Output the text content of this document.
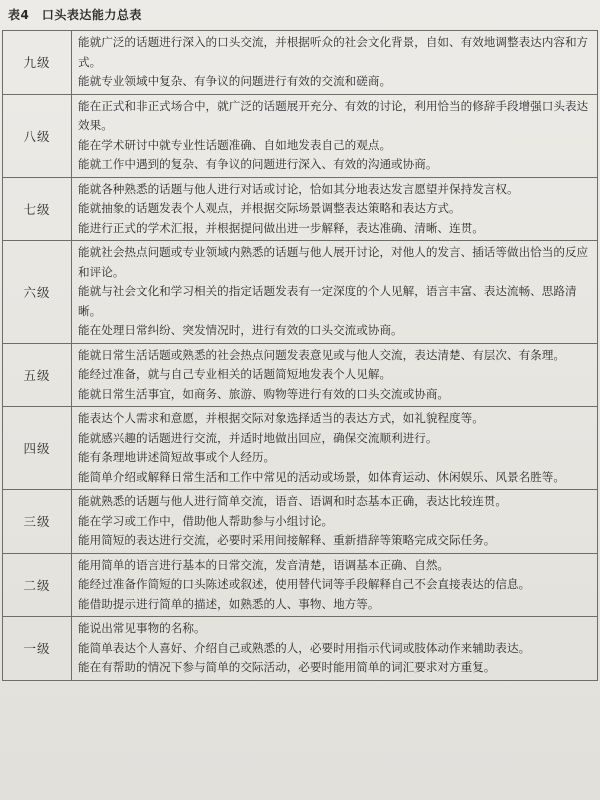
表4　口头表达能力总表
九级	能就广泛的话题进行深入的口头交流，并根据听众的社会文化背景，自如、有效地调整表达内容和方式。

能就专业领域中复杂、有争议的问题进行有效的交流和磋商。

八级	能在正式和非正式场合中，就广泛的话题展开充分、有效的讨论，利用恰当的修辞手段增强口头表达效果。

能在学术研讨中就专业性话题准确、自如地发表自己的观点。

能就工作中遇到的复杂、有争议的问题进行深入、有效的沟通或协商。

七级	能就各种熟悉的话题与他人进行对话或讨论，恰如其分地表达发言愿望并保持发言权。

能就抽象的话题发表个人观点，并根据交际场景调整表达策略和表达方式。

能进行正式的学术汇报，并根据提问做出进一步解释，表达准确、清晰、连贯。

六级	能就社会热点问题或专业领域内熟悉的话题与他人展开讨论，对他人的发言、插话等做出恰当的反应和评论。

能就与社会文化和学习相关的指定话题发表有一定深度的个人见解，语言丰富、表达流畅、思路清晰。

能在处理日常纠纷、突发情况时，进行有效的口头交流或协商。

五级	能就日常生活话题或熟悉的社会热点问题发表意见或与他人交流，表达清楚、有层次、有条理。

能经过准备，就与自己专业相关的话题简短地发表个人见解。

能就日常生活事宜，如商务、旅游、购物等进行有效的口头交流或协商。

四级	能表达个人需求和意愿，并根据交际对象选择适当的表达方式，如礼貌程度等。

能就感兴趣的话题进行交流，并适时地做出回应，确保交流顺利进行。

能有条理地讲述简短故事或个人经历。

能简单介绍或解释日常生活和工作中常见的活动或场景，如体育运动、休闲娱乐、风景名胜等。

三级	能就熟悉的话题与他人进行简单交流，语音、语调和时态基本正确，表达比较连贯。

能在学习或工作中，借助他人帮助参与小组讨论。

能用简短的表达进行交流，必要时采用间接解释、重新措辞等策略完成交际任务。

二级	能用简单的语言进行基本的日常交流，发音清楚，语调基本正确、自然。

能经过准备作简短的口头陈述或叙述，使用替代词等手段解释自己不会直接表达的信息。

能借助提示进行简单的描述，如熟悉的人、事物、地方等。

一级	能说出常见事物的名称。

能简单表达个人喜好、介绍自己或熟悉的人，必要时用指示代词或肢体动作来辅助表达。

能在有帮助的情况下参与简单的交际活动，必要时能用简单的词汇要求对方重复。
